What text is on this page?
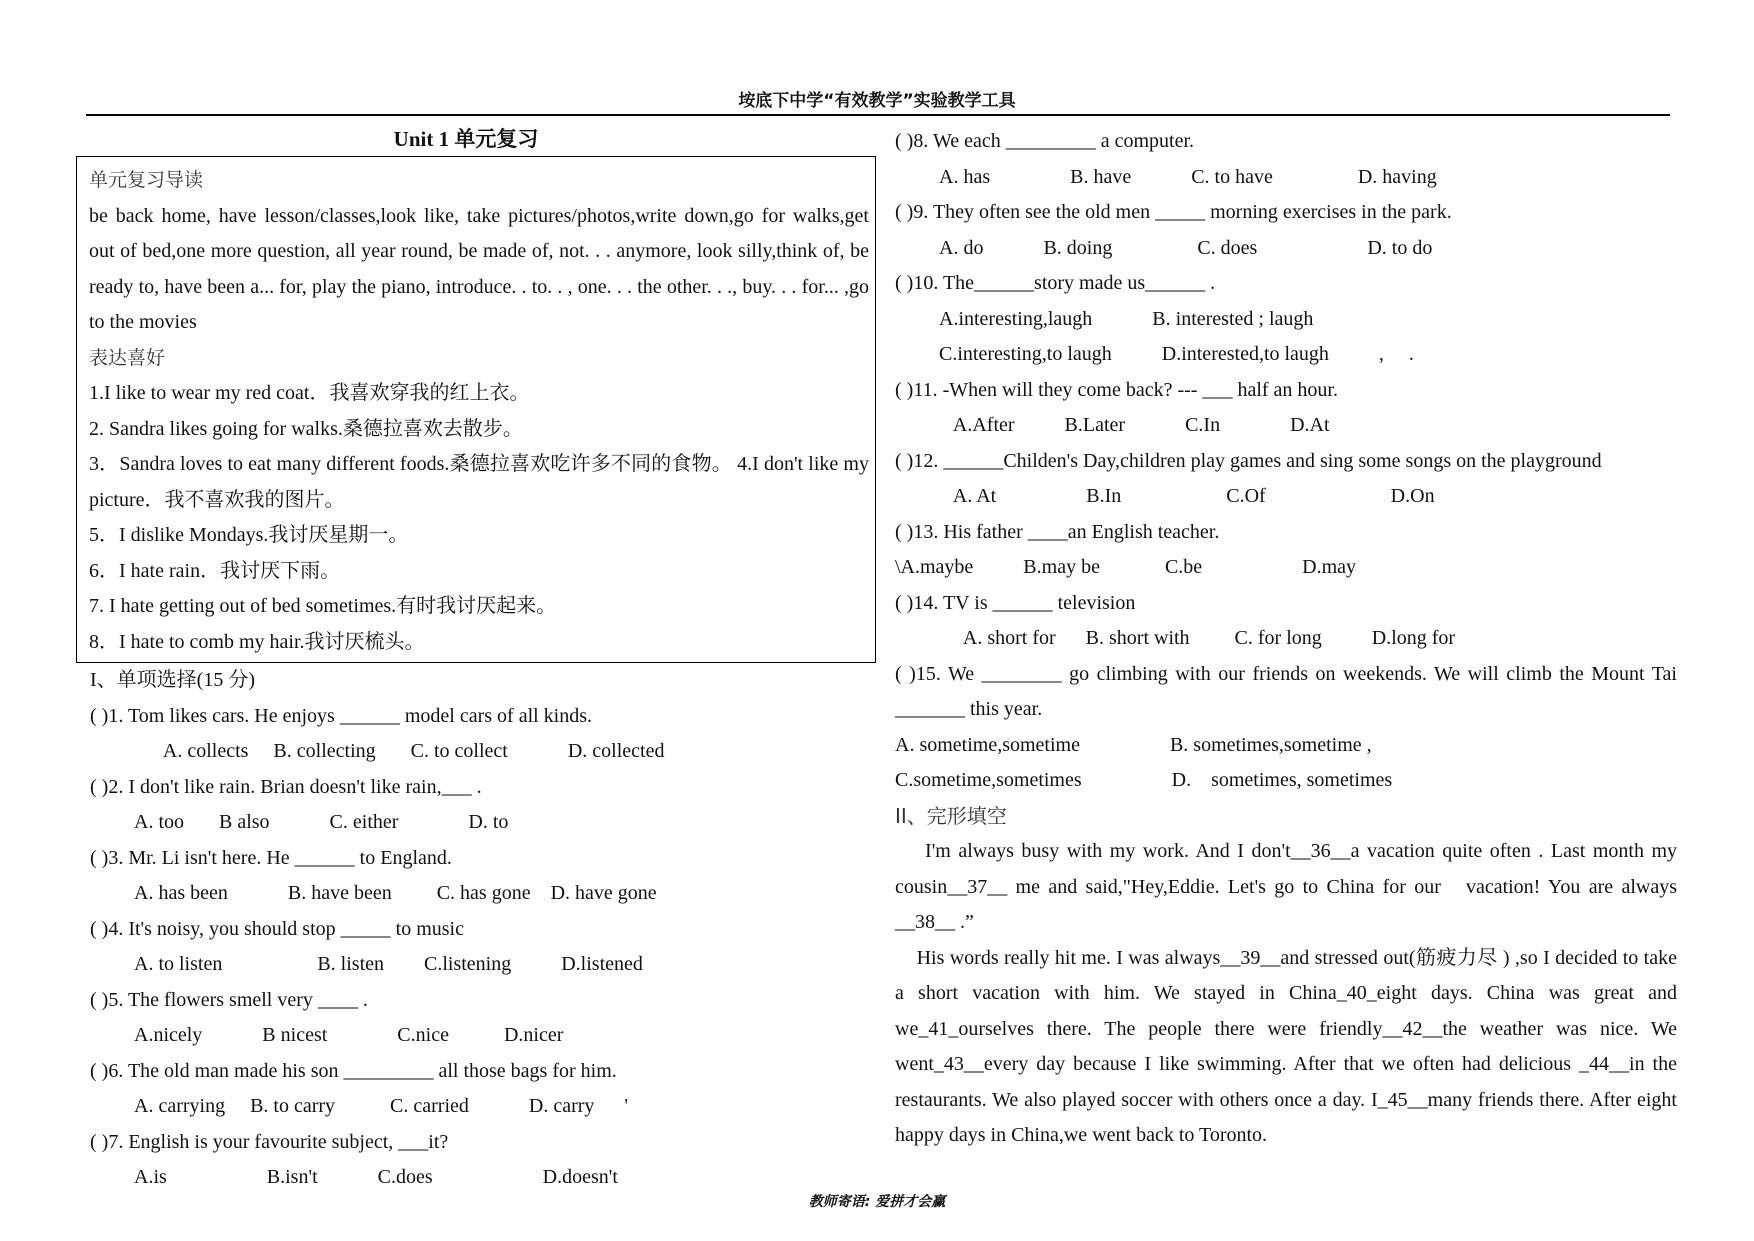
垵底下中学“有效教学”实验教学工具
Unit 1 单元复习
单元复习导读
be back home, have lesson/classes,look like, take pictures/photos,write down,go for walks,get out of bed,one more question, all year round, be made of, not. . . anymore, look silly,think of, be ready to, have been a... for, play the piano, introduce. . to. . , one. . . the other. . ., buy. . . for... ,go to the movies
表达喜好
1.I like to wear my red coat．我喜欢穿我的红上衣。
2. Sandra likes going for walks.桑德拉喜欢去散步。
3．Sandra loves to eat many different foods.桑德拉喜欢吃许多不同的食物。 4.I don't like my picture．我不喜欢我的图片。
5．I dislike Mondays.我讨厌星期一。
6．I hate rain．我讨厌下雨。
7. I hate getting out of bed sometimes.有时我讨厌起来。
8．I hate to comb my hair.我讨厌梳头。
I、单项选择(15 分)
( )1. Tom likes cars. He enjoys ______ model cars of all kinds.
A. collects     B. collecting       C. to collect            D. collected
( )2. I don't like rain. Brian doesn't like rain,___ .
A. too       B also            C. either              D. to
( )3. Mr. Li isn't here. He ______ to England.
A. has been            B. have been         C. has gone    D. have gone
( )4. It's noisy, you should stop _____ to music
A. to listen                   B. listen        C.listening          D.listened
( )5. The flowers smell very ____ .
A.nicely            B nicest              C.nice           D.nicer
( )6. The old man made his son _________ all those bags for him.
A. carrying     B. to carry           C. carried            D. carry      '
( )7. English is your favourite subject, ___it?
A.is                    B.isn't            C.does                      D.doesn't
( )8. We each _________ a computer.
A. has                B. have            C. to have                 D. having
( )9. They often see the old men _____ morning exercises in the park.
A. do            B. doing                 C. does                      D. to do
( )10. The______story made us______ .
A.interesting,laugh            B. interested ; laugh
C.interesting,to laugh          D.interested,to laugh          ,     .
( )11. -When will they come back? --- ___ half an hour.
A.After          B.Later            C.In              D.At
( )12. ______Childen's Day,children play games and sing some songs on the playground
A. At                  B.In                     C.Of                         D.On
( )13. His father ____an English teacher.
\A.maybe          B.may be             C.be                    D.may
( )14. TV is ______ television
A. short for      B. short with         C. for long          D.long for
( )15. We ________ go climbing with our friends on weekends. We will climb the Mount Tai _______ this year.
A. sometime,sometime                  B. sometimes,sometime ,
C.sometime,sometimes                  D.    sometimes, sometimes
II、完形填空
I'm always busy with my work. And I don't__36__a vacation quite often . Last month my cousin__37__ me and said,"Hey,Eddie. Let's go to China for our   vacation! You are always  __38__ .”
His words really hit me. I was always__39__and stressed out(筋疲力尽 ) ,so I decided to take a short vacation with him. We stayed in China_40_eight days. China was great and we_41_ourselves there. The people there were friendly__42__the weather was nice. We went_43__every day because I like swimming. After that we often had delicious _44__in the restaurants. We also played soccer with others once a day. I_45__many friends there. After eight happy days in China,we went back to Toronto.
教师寄语: 爱拼才会赢
